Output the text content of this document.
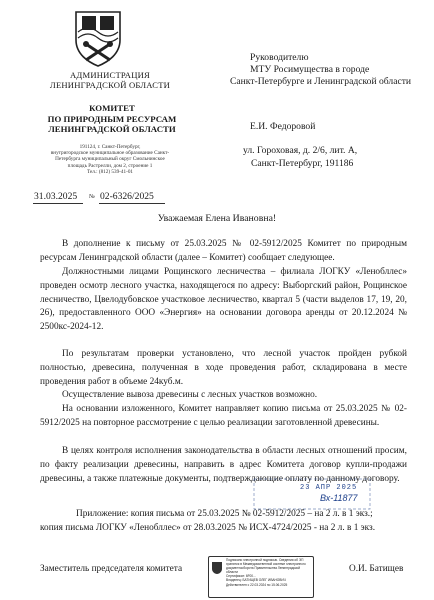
АДМИНИСТРАЦИЯ
ЛЕНИНГРАДСКОЙ ОБЛАСТИ
КОМИТЕТ
ПО ПРИРОДНЫМ РЕСУРСАМ
ЛЕНИНГРАДСКОЙ ОБЛАСТИ
191124, г. Санкт-Петербург,
внутригородское муниципальное образование Санкт-
Петербурга муниципальный округ Смольнинское
площадь Растрелли, дом 2, строение 1
Тел.: (812) 539-41-01
Руководителю
МТУ Росимущества в городе
Санкт-Петербурге и Ленинградской области
Е.И. Федоровой
ул. Гороховая, д. 2/6, лит. А,
Санкт-Петербург, 191186
31.03.2025 № 02-6326/2025
Уважаемая Елена Ивановна!
В дополнение к письму от 25.03.2025 № 02-5912/2025 Комитет по природным ресурсам Ленинградской области (далее – Комитет) сообщает следующее.
Должностными лицами Рощинского лесничества – филиала ЛОГКУ «Ленобллес» проведен осмотр лесного участка, находящегося по адресу: Выборгский район, Рощинское лесничество, Цвелодубовское участковое лесничество, квартал 5 (части выделов 17, 19, 20, 26), предоставленного ООО «Энергия» на основании договора аренды от 20.12.2024 № 2500кс-2024-12.
По результатам проверки установлено, что лесной участок пройден рубкой полностью, древесина, полученная в ходе проведения работ, складирована в месте проведения работ в объеме 24куб.м.
Осуществление вывоза древесины с лесных участков возможно.
На основании изложенного, Комитет направляет копию письма от 25.03.2025 № 02-5912/2025 на повторное рассмотрение с целью реализации заготовленной древесины.
В целях контроля исполнения законодательства в области лесных отношений просим, по факту реализации древесины, направить в адрес Комитета договор купли-продажи древесины, а также платежные документы, подтверждающие оплату по данному договору.
23 АПР 2025
Вх-11877
Приложение: копия письма от 25.03.2025 № 02-5912/2025 – на 2 л. в 1 экз.;
копия письма ЛОГКУ «Ленобллес» от 28.03.2025 № ИСХ-4724/2025 - на 2 л. в 1 экз.
Заместитель председателя комитета	О.И. Батищев
Подписано электронной подписью. Сведения об ЭП
хранятся в Межведомственной системе электронного
документооборота Правительства Ленинградской области
Сертификат: 6F00...
Владелец: БАТИЩЕВ ОЛЕГ ИВАНОВИЧ
Действителен с 22.03.2024 по 15.06.2025
